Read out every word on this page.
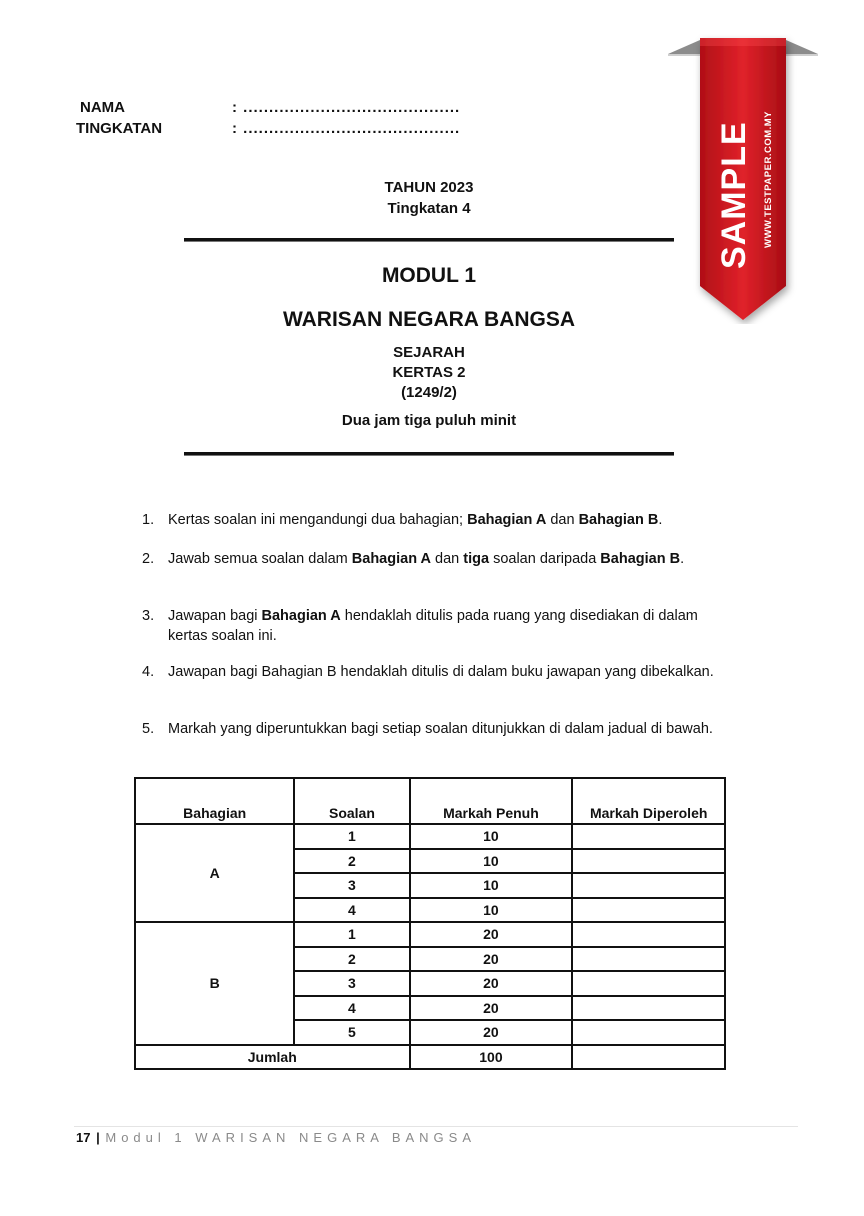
NAMA	: ..........................................
TINGKATAN	: ..........................................
TAHUN 2023
Tingkatan 4
MODUL 1
WARISAN NEGARA BANGSA
SEJARAH
KERTAS 2
(1249/2)
Dua jam tiga puluh minit
1. Kertas soalan ini mengandungi dua bahagian; Bahagian A dan Bahagian B.
2. Jawab semua soalan dalam Bahagian A dan tiga soalan daripada Bahagian B.
3. Jawapan bagi Bahagian A hendaklah ditulis pada ruang yang disediakan di dalam kertas soalan ini.
4. Jawapan bagi Bahagian B hendaklah ditulis di dalam buku jawapan yang dibekalkan.
5. Markah yang diperuntukkan bagi setiap soalan ditunjukkan di dalam jadual di bawah.
Bahagian	Soalan	Markah Penuh	Markah Diperoleh
A	1	10	
	2	10	
	3	10	
	4	10	
B	1	20	
	2	20	
	3	20	
	4	20	
	5	20	
Jumlah		100	
17 | Modul 1 WARISAN NEGARA BANGSA
SAMPLE	WWW.TESTPAPER.COM.MY
